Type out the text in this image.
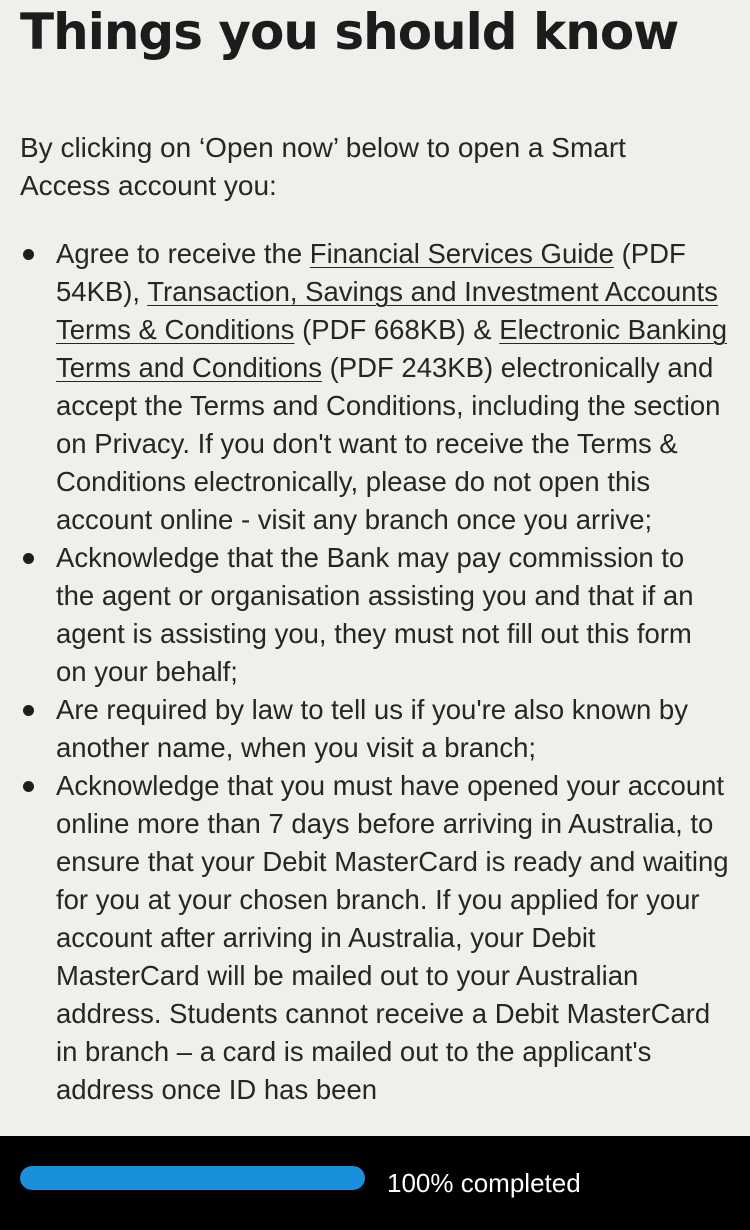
Things you should know

By clicking on ‘Open now’ below to open a Smart Access account you:

Agree to receive the Financial Services Guide (PDF 54KB), Transaction, Savings and Investment Accounts Terms & Conditions (PDF 668KB) & Electronic Banking Terms and Conditions (PDF 243KB) electronically and accept the Terms and Conditions, including the section on Privacy. If you don't want to receive the Terms & Conditions electronically, please do not open this account online - visit any branch once you arrive;
Acknowledge that the Bank may pay commission to the agent or organisation assisting you and that if an agent is assisting you, they must not fill out this form on your behalf;
Are required by law to tell us if you're also known by another name, when you visit a branch;
Acknowledge that you must have opened your account online more than 7 days before arriving in Australia, to ensure that your Debit MasterCard is ready and waiting for you at your chosen branch. If you applied for your account after arriving in Australia, your Debit MasterCard will be mailed out to your Australian address. Students cannot receive a Debit MasterCard in branch – a card is mailed out to the applicant's address once ID has been
100% completed
